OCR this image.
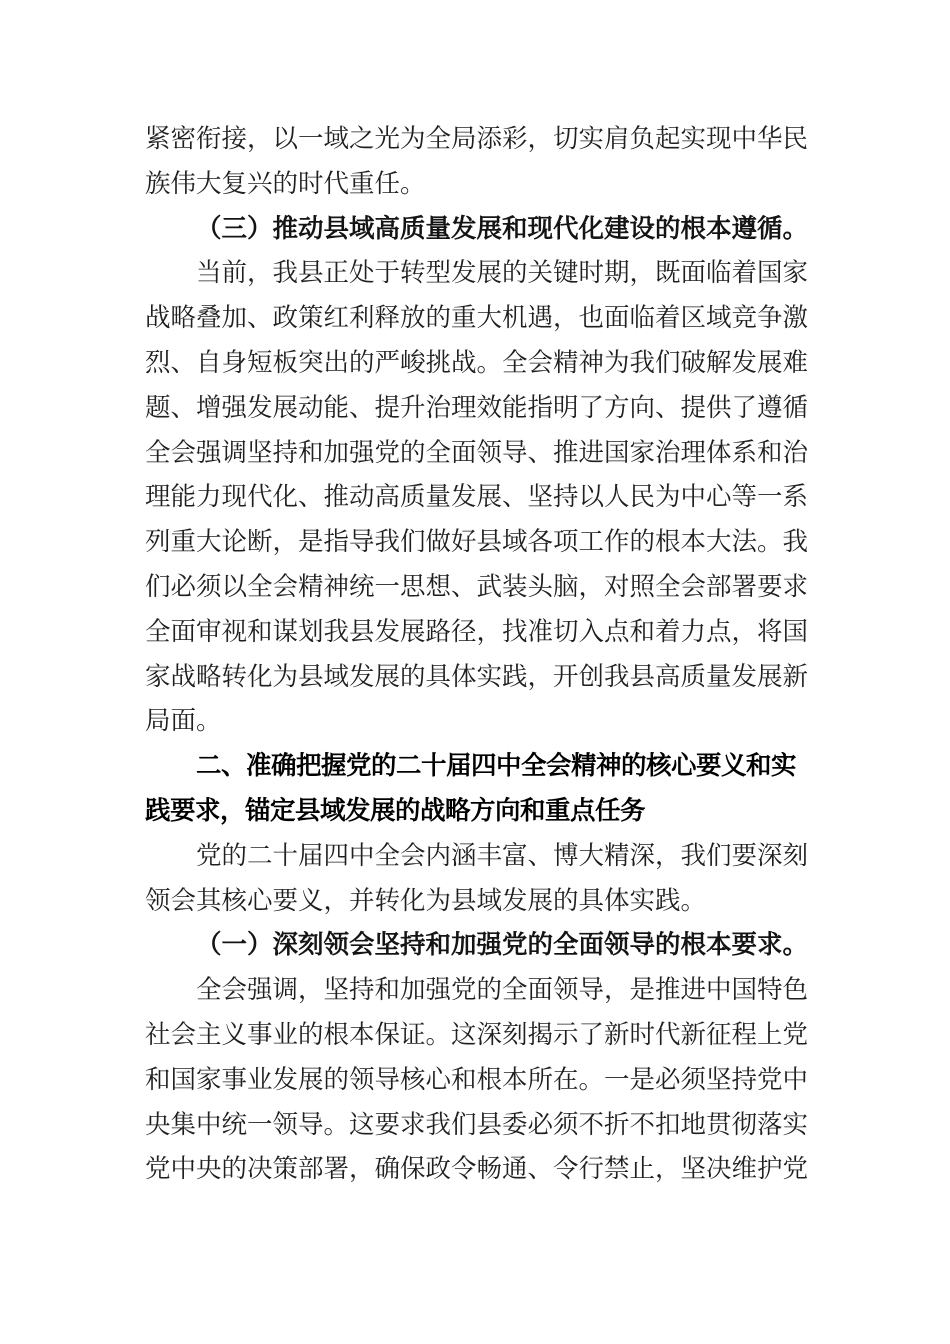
紧密衔接，以一域之光为全局添彩，切实肩负起实现中华民
族伟大复兴的时代重任。
（三）推动县域高质量发展和现代化建设的根本遵循。
当前，我县正处于转型发展的关键时期，既面临着国家
战略叠加、政策红利释放的重大机遇，也面临着区域竞争激
烈、自身短板突出的严峻挑战。全会精神为我们破解发展难
题、增强发展动能、提升治理效能指明了方向、提供了遵循
全会强调坚持和加强党的全面领导、推进国家治理体系和治
理能力现代化、推动高质量发展、坚持以人民为中心等一系
列重大论断，是指导我们做好县域各项工作的根本大法。我
们必须以全会精神统一思想、武装头脑，对照全会部署要求
全面审视和谋划我县发展路径，找准切入点和着力点，将国
家战略转化为县域发展的具体实践，开创我县高质量发展新
局面。
二、准确把握党的二十届四中全会精神的核心要义和实
践要求，锚定县域发展的战略方向和重点任务
党的二十届四中全会内涵丰富、博大精深，我们要深刻
领会其核心要义，并转化为县域发展的具体实践。
（一）深刻领会坚持和加强党的全面领导的根本要求。
全会强调，坚持和加强党的全面领导，是推进中国特色
社会主义事业的根本保证。这深刻揭示了新时代新征程上党
和国家事业发展的领导核心和根本所在。一是必须坚持党中
央集中统一领导。这要求我们县委必须不折不扣地贯彻落实
党中央的决策部署，确保政令畅通、令行禁止，坚决维护党
